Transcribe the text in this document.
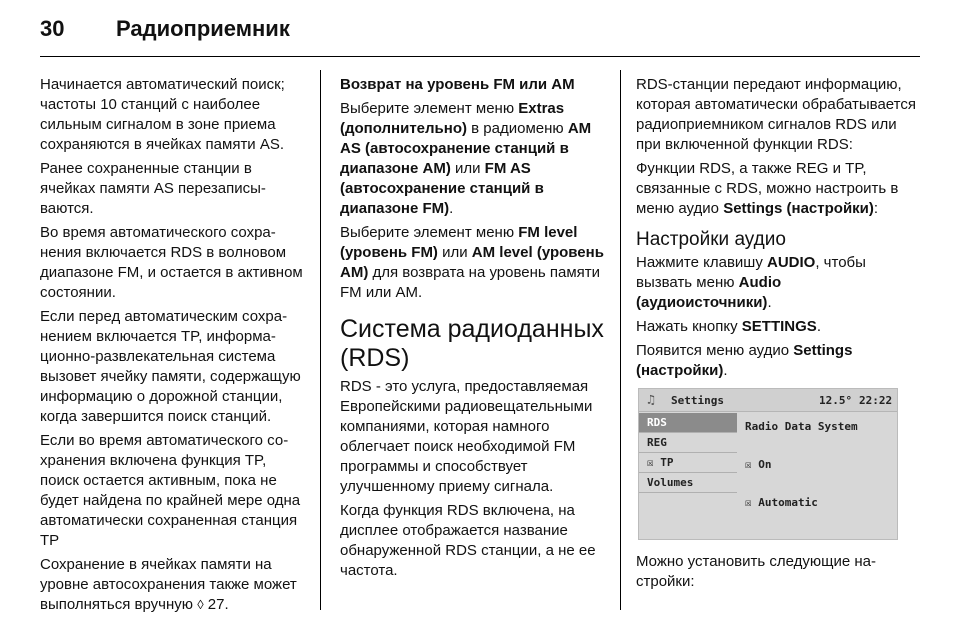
30 Радиоприемник

Начинается автоматический поиск; частоты 10 станций с наиболее сильным сигналом в зоне приема сохраняются в ячейках памяти AS.

Ранее сохраненные станции в ячейках памяти AS перезаписываются.

Во время автоматического сохранения включается RDS в волновом диапазоне FM, и остается в активном состоянии.

Если перед автоматическим сохранением включается TP, информационно-развлекательная система вызовет ячейку памяти, содержащую информацию о дорожной станции, когда завершится поиск станций.

Если во время автоматического сохранения включена функция TP, поиск остается активным, пока не будет найдена по крайней мере одна автоматически сохраненная станция TP

Сохранение в ячейках памяти на уровне автосохранения также может выполняться вручную ◊ 27.

Возврат на уровень FM или AM

Выберите элемент меню Extras (дополнительно) в радиоменю AM AS (автосохранение станций в диапазоне AM) или FM AS (автосохранение станций в диапазоне FM).

Выберите элемент меню FM level (уровень FM) или AM level (уровень AM) для возврата на уровень памяти FM или AM.

Система радиоданных (RDS)

RDS - это услуга, предоставляемая Европейскими радиовещательными компаниями, которая намного облегчает поиск необходимой FM программы и способствует улучшенному приему сигнала.

Когда функция RDS включена, на дисплее отображается название обнаруженной RDS станции, а не ее частота.

RDS-станции передают информацию, которая автоматически обрабатывается радиоприемником сигналов RDS или при включенной функции RDS:

Функции RDS, а также REG и TP, связанные с RDS, можно настроить в меню аудио Settings (настройки):

Настройки аудио

Нажмите клавишу AUDIO, чтобы вызвать меню Audio (аудиоисточники).

Нажать кнопку SETTINGS.

Появится меню аудио Settings (настройки).

♫ Settings	12.5° 22:22
RDS
REG
☒ TP
Volumes
Radio Data System
☒ On
☒ Automatic

Можно установить следующие настройки:
